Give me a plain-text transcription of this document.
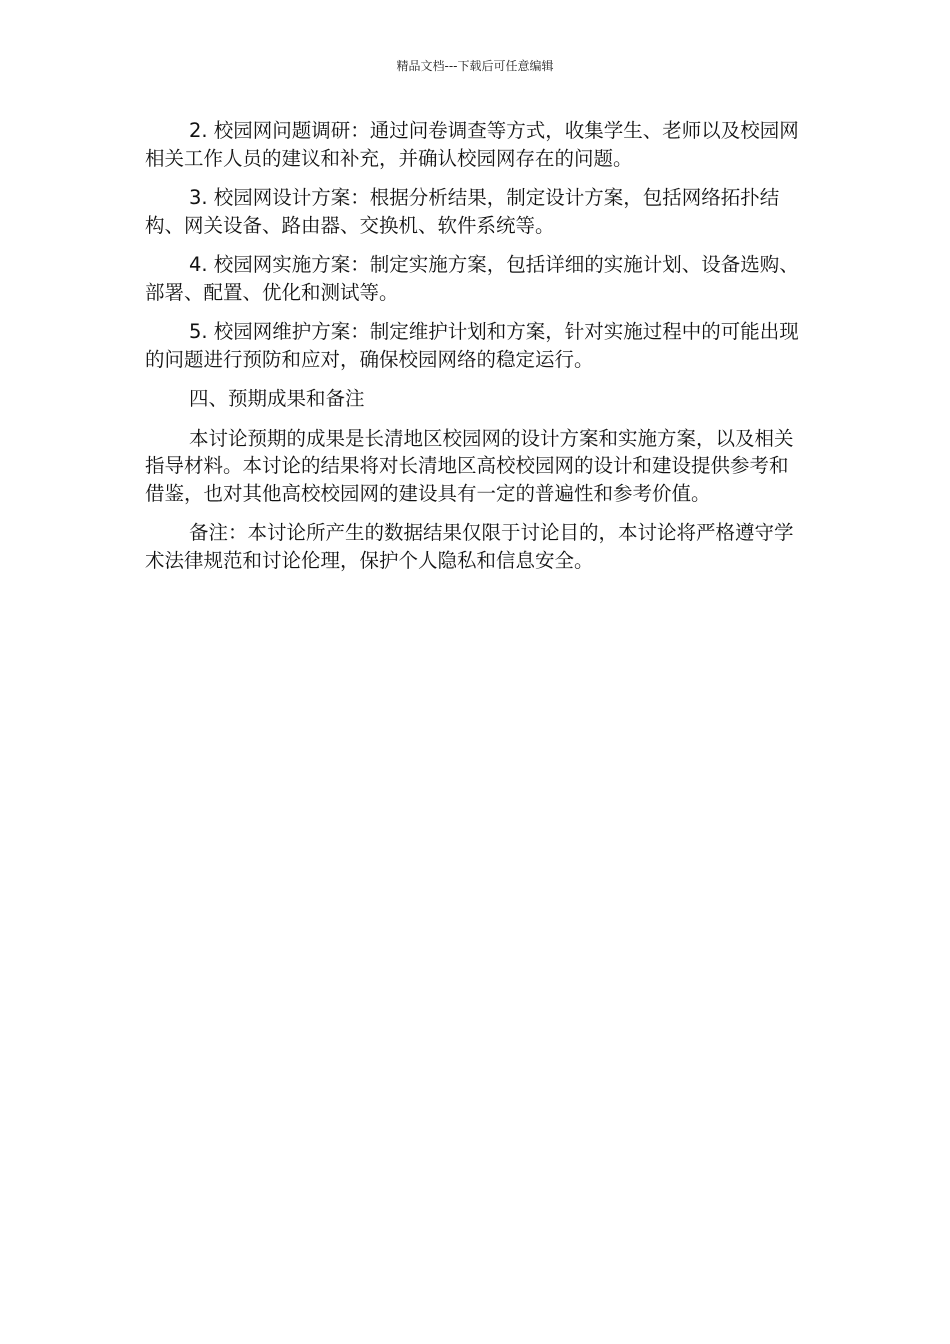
精品文档---下载后可任意编辑

2. 校园网问题调研：通过问卷调查等方式，收集学生、老师以及校园网相关工作人员的建议和补充，并确认校园网存在的问题。

3. 校园网设计方案：根据分析结果，制定设计方案，包括网络拓扑结构、网关设备、路由器、交换机、软件系统等。

4. 校园网实施方案：制定实施方案，包括详细的实施计划、设备选购、部署、配置、优化和测试等。

5. 校园网维护方案：制定维护计划和方案，针对实施过程中的可能出现的问题进行预防和应对，确保校园网络的稳定运行。

四、预期成果和备注

本讨论预期的成果是长清地区校园网的设计方案和实施方案，以及相关指导材料。本讨论的结果将对长清地区高校校园网的设计和建设提供参考和借鉴，也对其他高校校园网的建设具有一定的普遍性和参考价值。

备注：本讨论所产生的数据结果仅限于讨论目的，本讨论将严格遵守学术法律规范和讨论伦理，保护个人隐私和信息安全。
